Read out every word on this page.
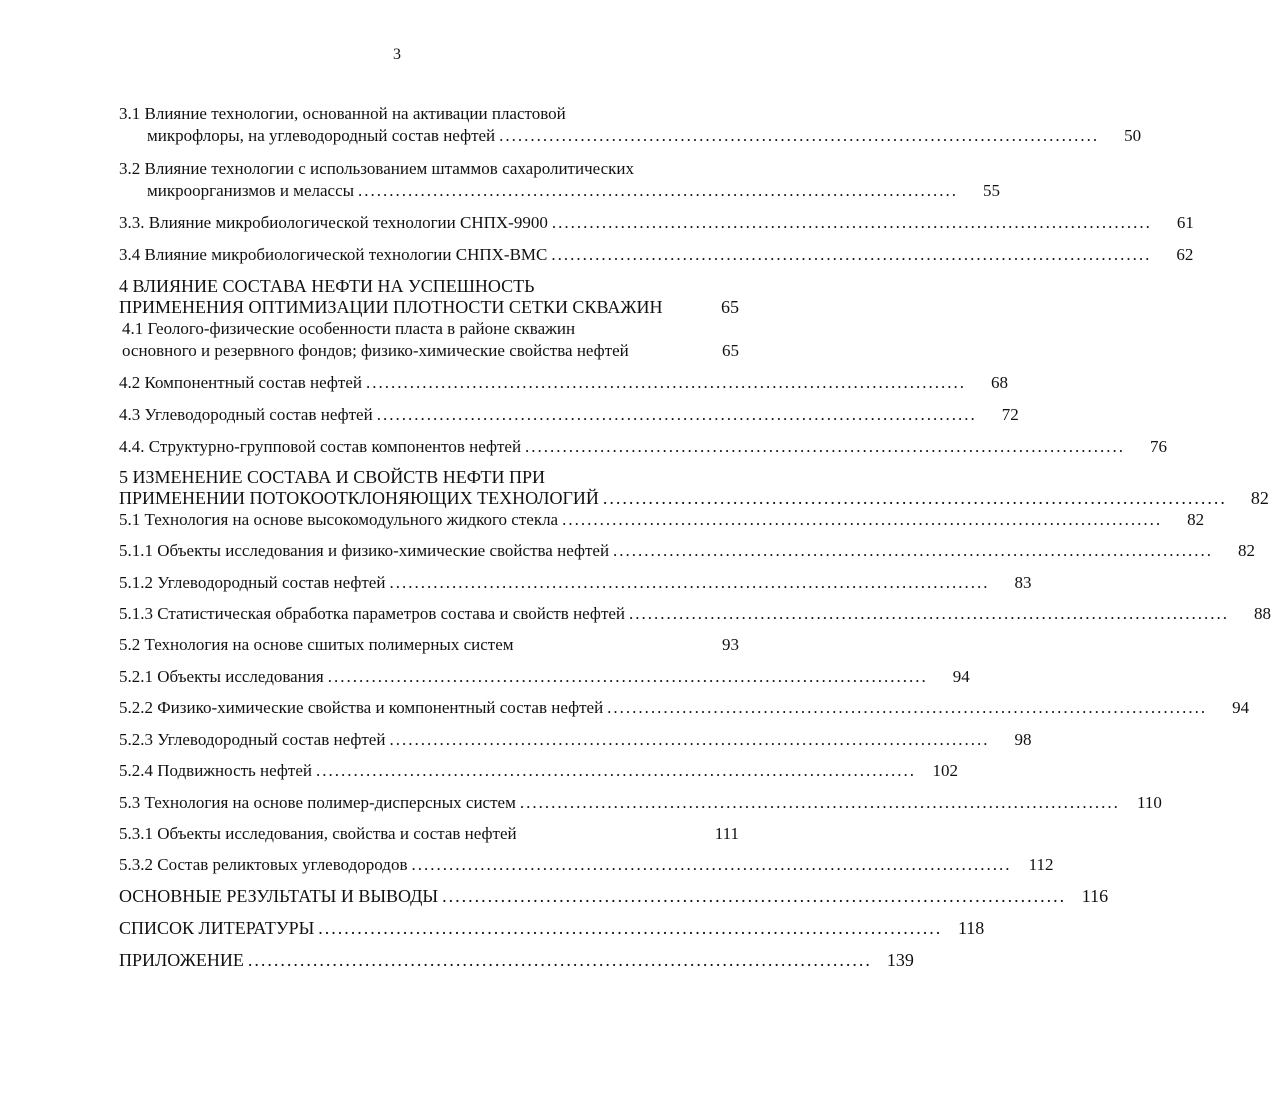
3
3.1 Влияние технологии, основанной на активации пластовой
микрофлоры, на углеводородный состав нефтей ................................................................................................	50
3.2 Влияние технологии с использованием штаммов сахаролитических
микроорганизмов и мелассы ................................................................................................	55
3.3. Влияние микробиологической технологии СНПХ-9900 ................................................................................................	61
3.4 Влияние микробиологической технологии СНПХ-ВМС ................................................................................................	62
4 ВЛИЯНИЕ СОСТАВА НЕФТИ НА УСПЕШНОСТЬ
ПРИМЕНЕНИЯ ОПТИМИЗАЦИИ ПЛОТНОСТИ СЕТКИ СКВАЖИН	65
4.1 Геолого-физические особенности пласта в районе скважин
основного и резервного фондов; физико-химические свойства нефтей	65
4.2 Компонентный состав нефтей ................................................................................................	68
4.3 Углеводородный состав нефтей ................................................................................................	72
4.4. Структурно-групповой состав компонентов нефтей ................................................................................................	76
5 ИЗМЕНЕНИЕ СОСТАВА И СВОЙСТВ НЕФТИ ПРИ
ПРИМЕНЕНИИ ПОТОКООТКЛОНЯЮЩИХ ТЕХНОЛОГИЙ ................................................................................................	82
5.1 Технология на основе высокомодульного жидкого стекла ................................................................................................	82
5.1.1 Объекты исследования и физико-химические свойства нефтей ................................................................................................	82
5.1.2 Углеводородный состав нефтей ................................................................................................	83
5.1.3 Статистическая обработка параметров состава и свойств нефтей ................................................................................................	88
5.2 Технология на основе сшитых полимерных систем	93
5.2.1 Объекты исследования ................................................................................................	94
5.2.2 Физико-химические свойства и компонентный состав нефтей ................................................................................................	94
5.2.3 Углеводородный состав нефтей ................................................................................................	98
5.2.4 Подвижность нефтей ................................................................................................ 102
5.3 Технология на основе полимер-дисперсных систем ................................................................................................	110
5.3.1 Объекты исследования, свойства и состав нефтей	111
5.3.2 Состав реликтовых углеводородов ................................................................................................	112
ОСНОВНЫЕ РЕЗУЛЬТАТЫ И ВЫВОДЫ ................................................................................................ 116
СПИСОК ЛИТЕРАТУРЫ ................................................................................................ 118
ПРИЛОЖЕНИЕ ................................................................................................ 139
